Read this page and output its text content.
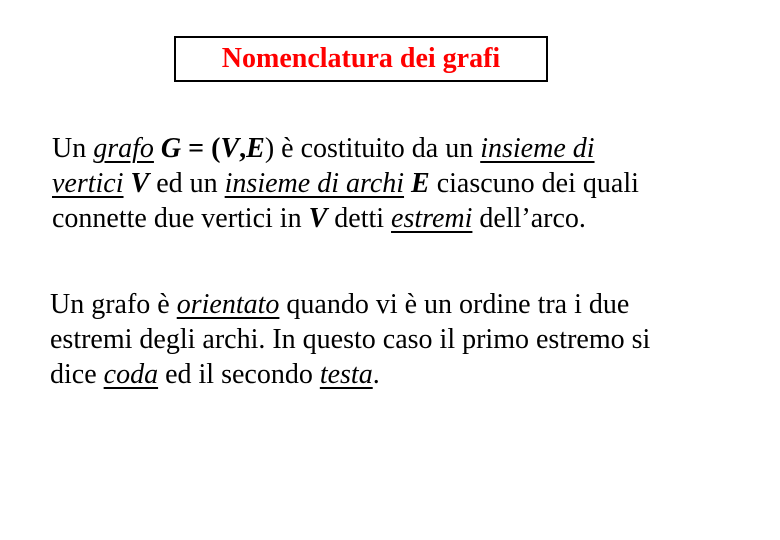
Nomenclatura dei grafi

Un grafo G = (V,E) è costituito da un insieme di
vertici V ed un insieme di archi E ciascuno dei quali
connette due vertici in V detti estremi dell’arco.

Un grafo è orientato quando vi è un ordine tra i due
estremi degli archi. In questo caso il primo estremo si
dice coda ed il secondo testa.
